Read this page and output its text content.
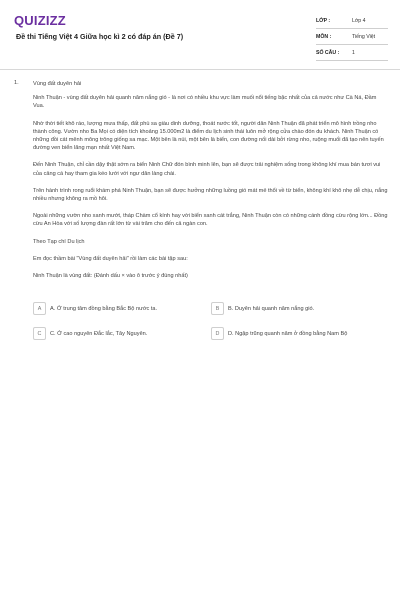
QUIZIZZ
Đề thi Tiếng Việt 4 Giữa học kì 2 có đáp án (Đề 7)
LỚP :	Lớp 4
MÔN :	Tiếng Việt
SỐ CÂU :	1
1.	Vùng đất duyên hải

Ninh Thuận - vùng đất duyên hải quanh năm nắng gió - là nơi có nhiều khu vực làm muối nổi tiếng bậc nhất của cả nước như Cà Ná, Đầm Vua.

Nhờ thời tiết khô ráo, lượng mưa thấp, đất phù sa giàu dinh dưỡng, thoát nước tốt, người dân Ninh Thuận đã phát triển mô hình trồng nho thành công. Vườn nho Ba Mọi có diện tích khoảng 15.000m2 là điểm du lịch sinh thái luôn mở rộng cửa chào đón du khách. Ninh Thuận có những đồi cát mênh mông trông giống sa mạc. Một bên là núi, một bên là biển, con đường nối dài bởi rừng nho, ruộng muối đã tạo nên tuyến đường ven biển lãng mạn nhất Việt Nam.

Đến Ninh Thuận, chỉ cần dậy thật sớm ra biển Ninh Chữ đón bình minh lên, bạn sẽ được trải nghiệm sống trong không khí mua bán tươi vui của cảng cá hay tham gia kéo lưới với ngư dân làng chài.

Trên hành trình rong ruổi khám phá Ninh Thuận, bạn sẽ được hưởng những luồng gió mát mẻ thổi về từ biển, không khí khô nhẹ dễ chịu, nắng nhiều nhưng không ra mồ hôi.

Ngoài những vườn nho xanh mướt, tháp Chàm cổ kính hay vời biển xanh cát trắng, Ninh Thuận còn có những cánh đồng cừu rộng lớn... Đồng cừu An Hòa với số lượng đàn rất lớn từ vài trăm cho đến cả ngàn con.

Theo Tạp chí Du lịch

Em đọc thầm bài "Vùng đất duyên hải" rồi làm các bài tập sau:

Ninh Thuận là vùng đất: (Đánh dấu × vào ô trước ý đúng nhất)

A	A. Ở trung tâm đồng bằng Bắc Bộ nước ta.	B	B. Duyên hải quanh năm nắng gió.
C	C. Ở cao nguyên Đắc lắc, Tây Nguyên.	D	D. Ngập trũng quanh năm ở đồng bằng Nam Bộ
